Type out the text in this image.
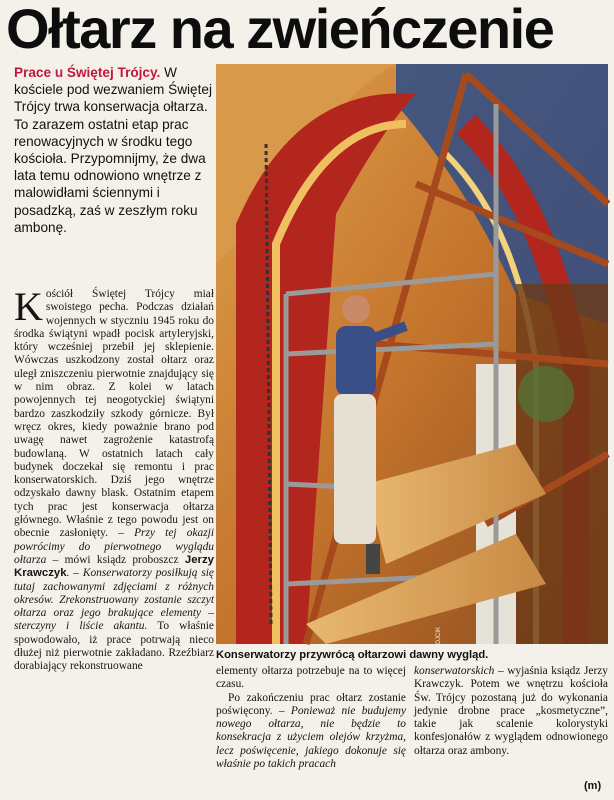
Ołtarz na zwieńczenie
Prace u Świętej Trójcy. W kościele pod wezwaniem Świętej Trójcy trwa konserwacja ołtarza. To zarazem ostatni etap prac renowacyjnych w środku tego kościoła. Przypomnijmy, że dwa lata temu odnowiono wnętrze z malowidłami ściennymi i posadzką, zaś w zeszłym roku ambonę.
Kościół Świętej Trójcy miał swoistego pecha. Podczas działań wojennych w styczniu 1945 roku do środka świątyni wpadł pocisk artyleryjski, który wcześniej przebił jej sklepienie. Wówczas uszkodzony został ołtarz oraz uległ zniszczeniu pierwotnie znajdujący się w nim obraz. Z kolei w latach powojennych tej neogotyckiej świątyni bardzo zaszkodziły szkody górnicze. Był wręcz okres, kiedy poważnie brano pod uwagę nawet zagrożenie katastrofą budowlaną. W ostatnich latach cały budynek doczekał się remontu i prac konserwatorskich. Dziś jego wnętrze odzyskało dawny blask. Ostatnim etapem tych prac jest konserwacja ołtarza głównego. Właśnie z tego powodu jest on obecnie zasłonięty. – Przy tej okazji powrócimy do pierwotnego wyglądu ołtarza – mówi ksiądz proboszcz Jerzy Krawczyk. – Konserwatorzy posiłkują się tutaj zachowanymi zdjęciami z różnych okresów. Zrekonstruowany zostanie szczyt ołtarza oraz jego brakujące elementy – sterczyny i liście akantu. To właśnie spowodowało, iż prace potrwają nieco dłużej niż pierwotnie zakładano. Rzeźbiarz dorabiający rekonstruowane	fot. WOJCIECH WOJCIK
Konserwatorzy przywrócą ołtarzowi dawny wygląd.

elementy ołtarza potrzebuje na to więcej czasu.

Po zakończeniu prac ołtarz zostanie poświęcony. – Ponieważ nie budujemy nowego ołtarza, nie będzie to konsekracja z użyciem olejów krzyżma, lecz poświęcenie, jakiego dokonuje się właśnie po takich pracach

konserwatorskich – wyjaśnia ksiądz Jerzy Krawczyk. Potem we wnętrzu kościoła Św. Trójcy pozostaną już do wykonania jedynie drobne prace „kosmetyczne”, takie jak scalenie kolorystyki konfesjonałów z wyglądem odnowionego ołtarza oraz ambony.

(m)
